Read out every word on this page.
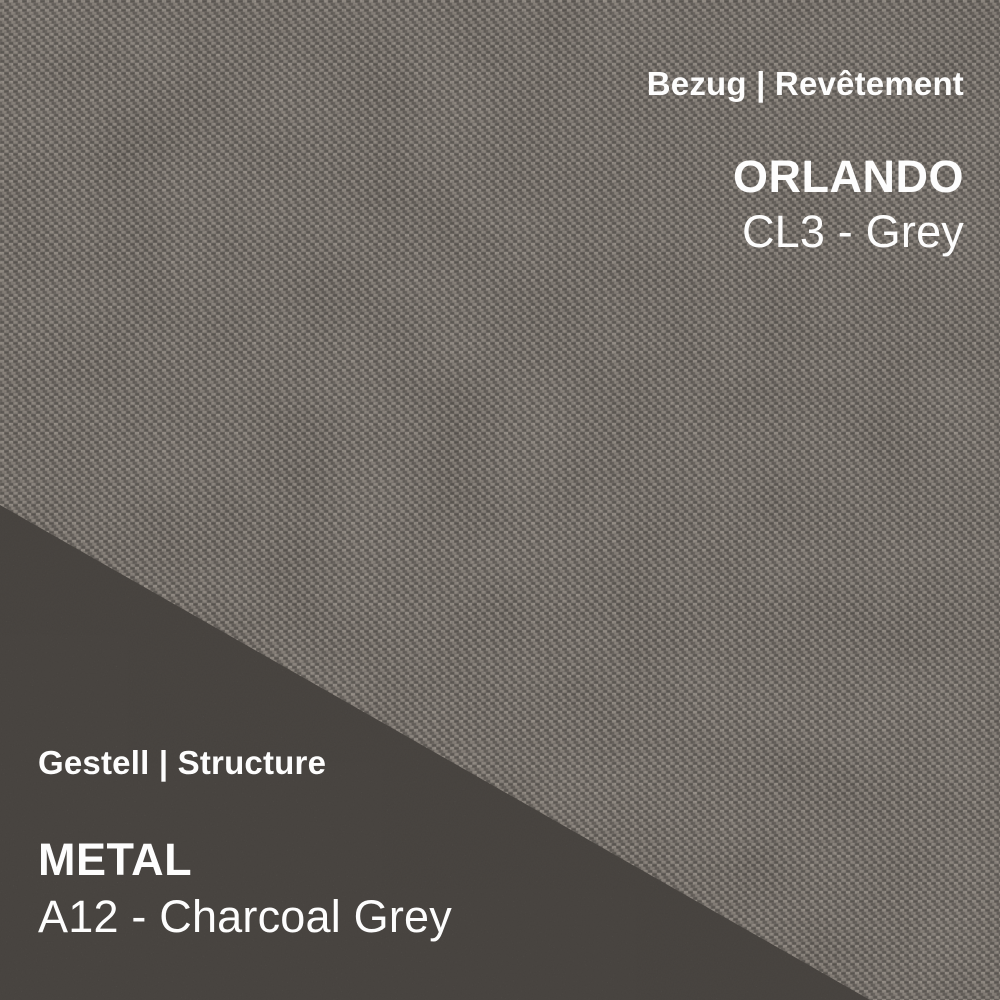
Bezug | Revêtement
ORLANDO
CL3 - Grey
Gestell | Structure
METAL
A12 - Charcoal Grey
